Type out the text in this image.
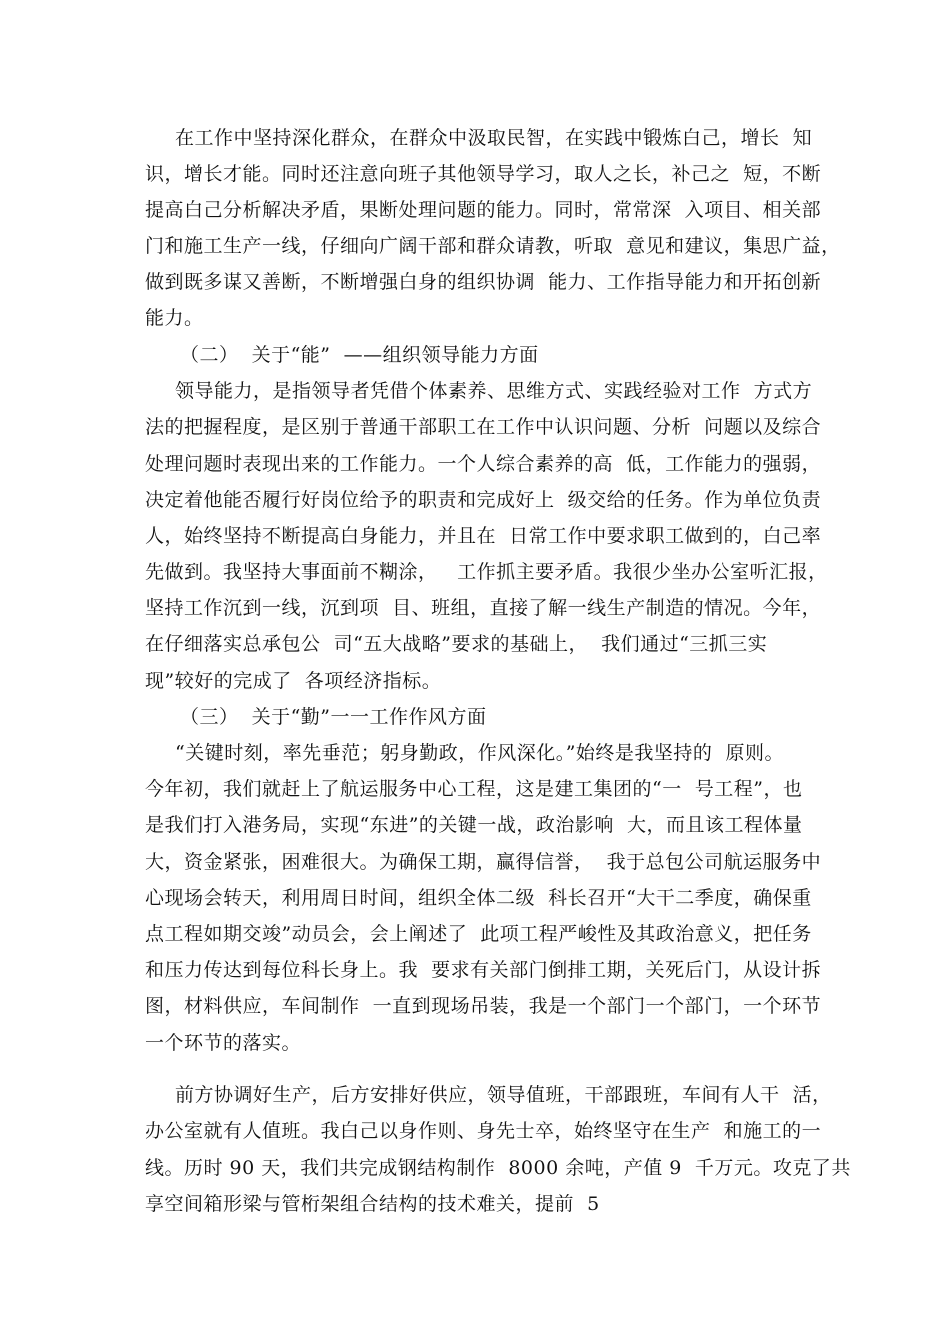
在工作中坚持深化群众，在群众中汲取民智，在实践中锻炼白己，增长  知
识，增长才能。同时还注意向班子其他领导学习，取人之长，补己之  短，不断
提高白己分析解决矛盾，果断处理问题的能力。同时，常常深  入项目、相关部
门和施工生产一线，仔细向广阔干部和群众请教，听取  意见和建议，集思广益，
做到既多谋又善断，不断增强白身的组织协调  能力、工作指导能力和开拓创新
能力。
（二）  关于“能”  ——组织领导能力方面
领导能力，是指领导者凭借个体素养、思维方式、实践经验对工作  方式方
法的把握程度，是区别于普通干部职工在工作中认识问题、分析  问题以及综合
处理问题时表现出来的工作能力。一个人综合素养的高  低，工作能力的强弱，
决定着他能否履行好岗位给予的职责和完成好上  级交给的任务。作为单位负责
人，始终坚持不断提高白身能力，并且在  日常工作中要求职工做到的，白己率
先做到。我坚持大事面前不糊涂，   工作抓主要矛盾。我很少坐办公室听汇报，
坚持工作沉到一线，沉到项  目、班组，直接了解一线生产制造的情况。今年，
在仔细落实总承包公  司“五大战略”要求的基础上，  我们通过“三抓三实
现”较好的完成了  各项经济指标。
（三）  关于“勤”一一工作作风方面
“关键时刻，率先垂范；躬身勤政，作风深化。”始终是我坚持的  原则。
今年初，我们就赶上了航运服务中心工程，这是建工集团的“一  号工程”，也
是我们打入港务局，实现“东进”的关键一战，政治影响  大，而且该工程体量
大，资金紧张，困难很大。为确保工期，赢得信誉，  我于总包公司航运服务中
心现场会转天，利用周日时间，组织全体二级  科长召开“大干二季度，确保重
点工程如期交竣”动员会，会上阐述了  此项工程严峻性及其政治意义，把任务
和压力传达到每位科长身上。我  要求有关部门倒排工期，关死后门，从设计拆
图，材料供应，车间制作  一直到现场吊装，我是一个部门一个部门，一个环节
一个环节的落实。
前方协调好生产，后方安排好供应，领导值班，干部跟班，车间有人干  活，
办公室就有人值班。我白己以身作则、身先士卒，始终坚守在生产  和施工的一
线。历时 90 天，我们共完成钢结构制作  8000 余吨，产值 9  千万元。攻克了共
享空间箱形梁与管桁架组合结构的技术难关，提前  5
